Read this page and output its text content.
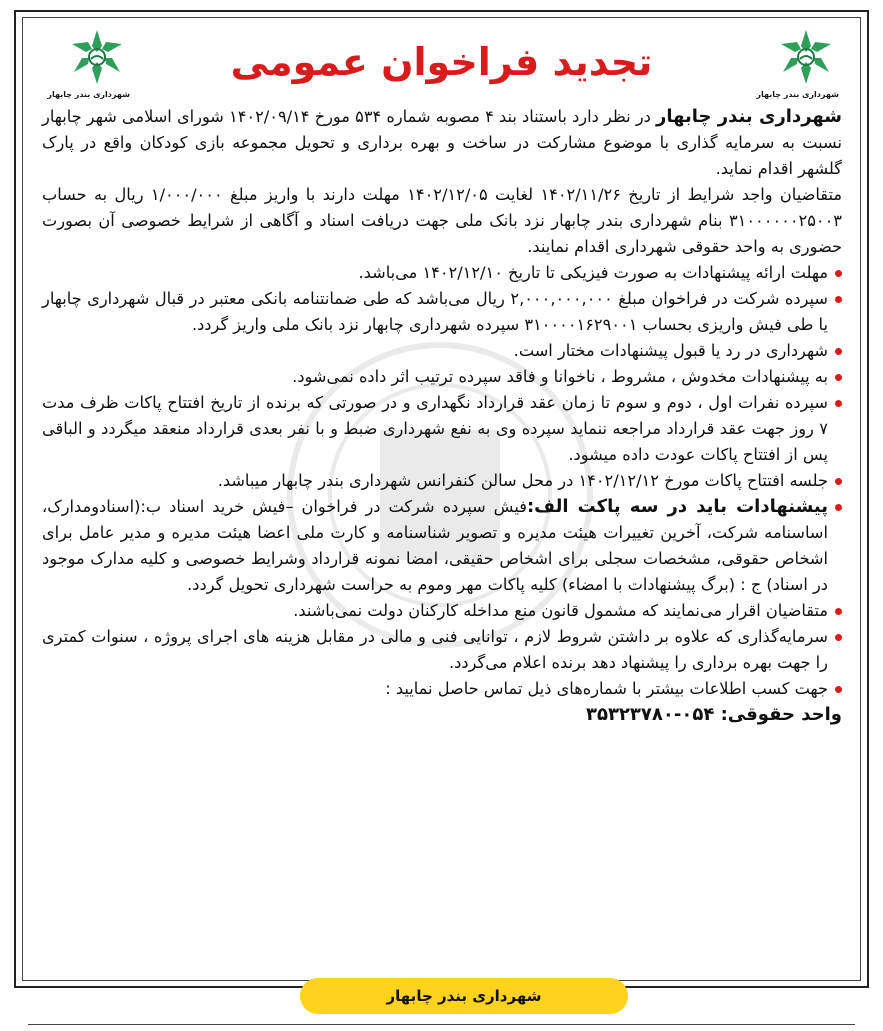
شهرداری بندر چابهار
تجدید فراخوان عمومی
شهرداری بندر چابهار

شهرداری بندر چابهار در نظر دارد باستناد بند ۴ مصوبه شماره ۵۳۴ مورخ ۱۴۰۲/۰۹/۱۴ شورای اسلامی شهر چابهار نسبت به سرمایه گذاری با موضوع مشارکت در ساخت و بهره برداری و تحویل مجموعه بازی کودکان واقع در پارک گلشهر اقدام نماید.

متقاضیان واجد شرایط از تاریخ ۱۴۰۲/۱۱/۲۶ لغایت ۱۴۰۲/۱۲/۰۵ مهلت دارند با واریز مبلغ ۱/۰۰۰/۰۰۰ ریال به حساب ۳۱۰۰۰۰۰۰۲۵۰۰۳ بنام شهرداری بندر چابهار نزد بانک ملی جهت دریافت اسناد و آگاهی از شرایط خصوصی آن بصورت حضوری به واحد حقوقی شهرداری اقدام نمایند.

مهلت ارائه پیشنهادات به صورت فیزیکی تا تاریخ ۱۴۰۲/۱۲/۱۰ می‌باشد.

سپرده شرکت در فراخوان مبلغ ۲,۰۰۰,۰۰۰,۰۰۰ ریال می‌باشد که طی ضمانتنامه بانکی معتبر در قبال شهرداری چابهار یا طی فیش واریزی بحساب ۳۱۰۰۰۰۱۶۲۹۰۰۱ سپرده شهرداری چابهار نزد بانک ملی واریز گردد.

شهرداری در رد یا قبول پیشنهادات مختار است.

به پیشنهادات مخدوش ، مشروط ، ناخوانا و فاقد سپرده ترتیب اثر داده نمی‌شود.

سپرده نفرات اول ، دوم و سوم تا زمان عقد قرارداد نگهداری و در صورتی که برنده از تاریخ افتتاح پاکات ظرف مدت ۷ روز جهت عقد قرارداد مراجعه ننماید سپرده وی به نفع شهرداری ضبط و با نفر بعدی قرارداد منعقد میگردد و الباقی پس از افتتاح پاکات عودت داده میشود.

جلسه افتتاح پاکات مورخ ۱۴۰۲/۱۲/۱۲ در محل سالن کنفرانس شهرداری بندر چابهار میباشد.

پیشنهادات باید در سه پاکت الف:فیش سپرده شرکت در فراخوان –فیش خرید اسناد ب:(اسنادومدارک، اساسنامه شرکت، آخرین تغییرات هیئت مدیره و تصویر شناسنامه و کارت ملی اعضا هیئت مدیره و مدیر عامل برای اشخاص حقوقی، مشخصات سجلی برای اشخاص حقیقی، امضا نمونه قرارداد وشرایط خصوصی و کلیه مدارک موجود در اسناد) ج : (برگ پیشنهادات با امضاء) کلیه پاکات مهر وموم به حراست شهرداری تحویل گردد.

متقاضیان اقرار می‌نمایند که مشمول قانون منع مداخله کارکنان دولت نمی‌باشند.

سرمایه‌گذاری که علاوه بر داشتن شروط لازم ، توانایی فنی و مالی در مقابل هزینه های اجرای پروژه ، سنوات کمتری را جهت بهره برداری را پیشنهاد دهد برنده اعلام می‌گردد.

جهت کسب اطلاعات بیشتر با شماره‌های ذیل تماس حاصل نمایید :

واحد حقوقی: ۰۵۴-۳۵۳۲۳۷۸۰

شهرداری بندر چابهار
